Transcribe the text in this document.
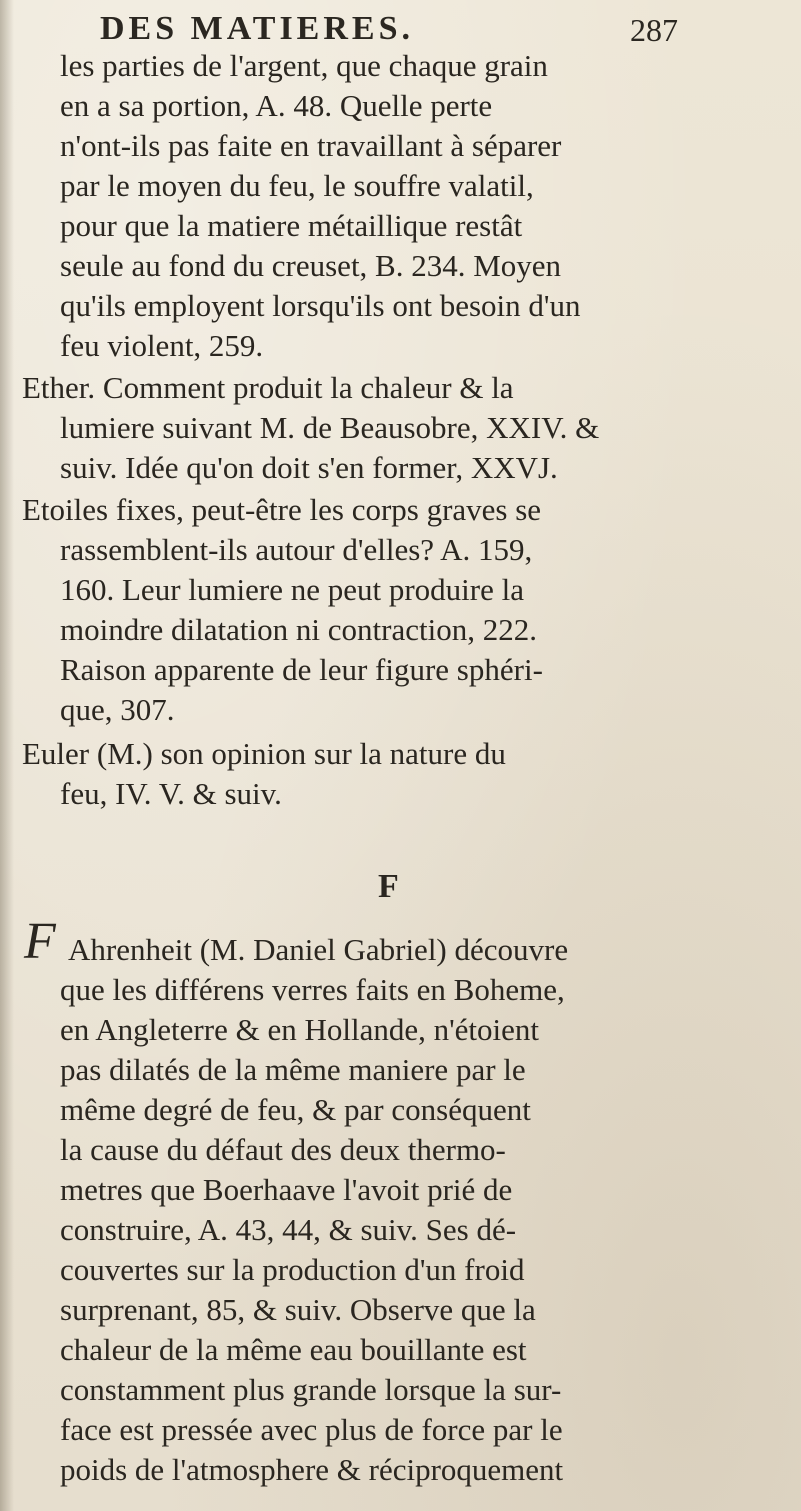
DES MATIERES.	287
les parties de l'argent, que chaque grain
en a sa portion, A. 48. Quelle perte
n'ont-ils pas faite en travaillant à séparer
par le moyen du feu, le souffre valatil,
pour que la matiere métaillique restât
seule au fond du creuset, B. 234. Moyen
qu'ils employent lorsqu'ils ont besoin d'un
feu violent, 259.
Ether. Comment produit la chaleur & la
lumiere suivant M. de Beausobre, XXIV. &
suiv. Idée qu'on doit s'en former, XXVJ.
Etoiles fixes, peut-être les corps graves se
rassemblent-ils autour d'elles? A. 159,
160. Leur lumiere ne peut produire la
moindre dilatation ni contraction, 222.
Raison apparente de leur figure sphéri-
que, 307.
Euler (M.) son opinion sur la nature du
feu, IV. V. & suiv.
F
F Ahrenheit (M. Daniel Gabriel) découvre
que les différens verres faits en Boheme,
en Angleterre & en Hollande, n'étoient
pas dilatés de la même maniere par le
même degré de feu, & par conséquent
la cause du défaut des deux thermo-
metres que Boerhaave l'avoit prié de
construire, A. 43, 44, & suiv. Ses dé-
couvertes sur la production d'un froid
surprenant, 85, & suiv. Observe que la
chaleur de la même eau bouillante est
constamment plus grande lorsque la sur-
face est pressée avec plus de force par le
poids de l'atmosphere & réciproquement
